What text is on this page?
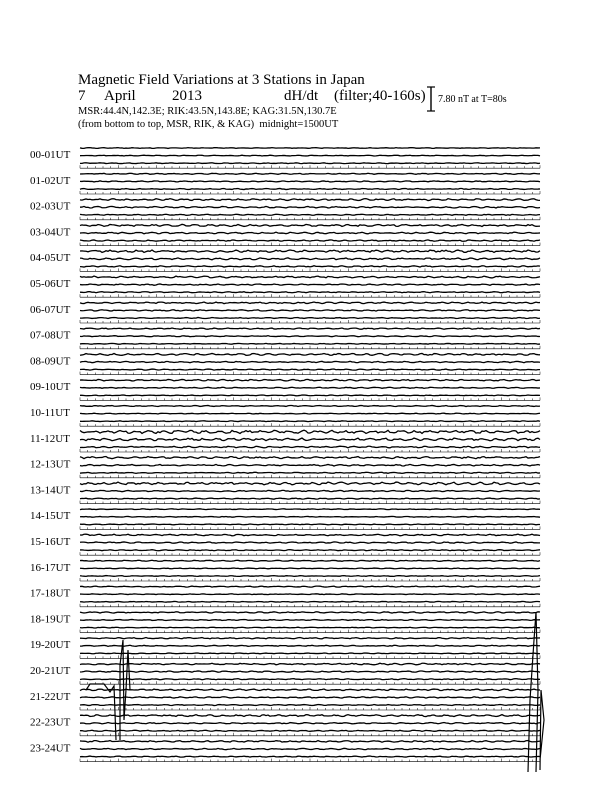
Magnetic Field Variations at 3 Stations in Japan
7 April 2013	dH/dt (filter;40-160s)
MSR:44.4N,142.3E; RIK:43.5N,143.8E; KAG:31.5N,130.7E
(from bottom to top, MSR, RIK, & KAG) midnight=1500UT
7.80 nT at T=80s
00-01UT
01-02UT
02-03UT
03-04UT
04-05UT
05-06UT
06-07UT
07-08UT
08-09UT
09-10UT
10-11UT
11-12UT
12-13UT
13-14UT
14-15UT
15-16UT
16-17UT
17-18UT
18-19UT
19-20UT
20-21UT
21-22UT
22-23UT
23-24UT
